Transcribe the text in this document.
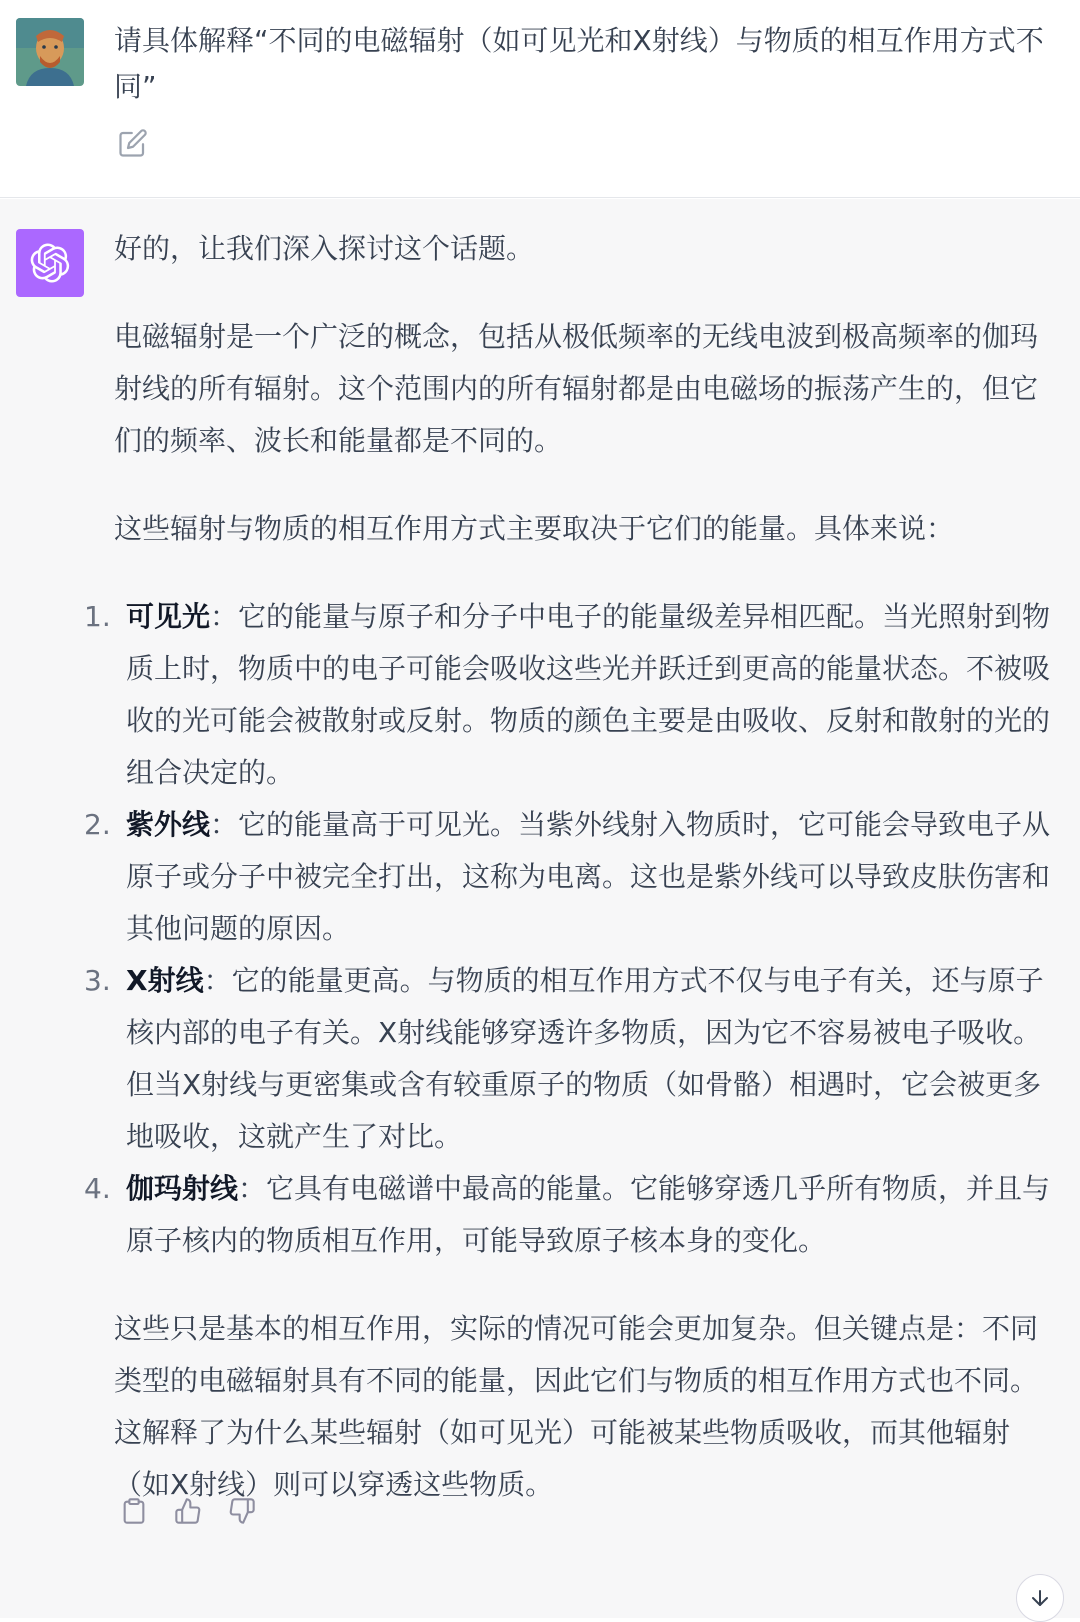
请具体解释“不同的电磁辐射（如可见光和X射线）与物质的相互作用方式不同”

好的，让我们深入探讨这个话题。

电磁辐射是一个广泛的概念，包括从极低频率的无线电波到极高频率的伽玛射线的所有辐射。这个范围内的所有辐射都是由电磁场的振荡产生的，但它们的频率、波长和能量都是不同的。

这些辐射与物质的相互作用方式主要取决于它们的能量。具体来说：

1. 可见光：它的能量与原子和分子中电子的能量级差异相匹配。当光照射到物质上时，物质中的电子可能会吸收这些光并跃迁到更高的能量状态。不被吸收的光可能会被散射或反射。物质的颜色主要是由吸收、反射和散射的光的组合决定的。
2. 紫外线：它的能量高于可见光。当紫外线射入物质时，它可能会导致电子从原子或分子中被完全打出，这称为电离。这也是紫外线可以导致皮肤伤害和其他问题的原因。
3. X射线：它的能量更高。与物质的相互作用方式不仅与电子有关，还与原子核内部的电子有关。X射线能够穿透许多物质，因为它不容易被电子吸收。但当X射线与更密集或含有较重原子的物质（如骨骼）相遇时，它会被更多地吸收，这就产生了对比。
4. 伽玛射线：它具有电磁谱中最高的能量。它能够穿透几乎所有物质，并且与原子核内的物质相互作用，可能导致原子核本身的变化。

这些只是基本的相互作用，实际的情况可能会更加复杂。但关键点是：不同类型的电磁辐射具有不同的能量，因此它们与物质的相互作用方式也不同。这解释了为什么某些辐射（如可见光）可能被某些物质吸收，而其他辐射（如X射线）则可以穿透这些物质。
